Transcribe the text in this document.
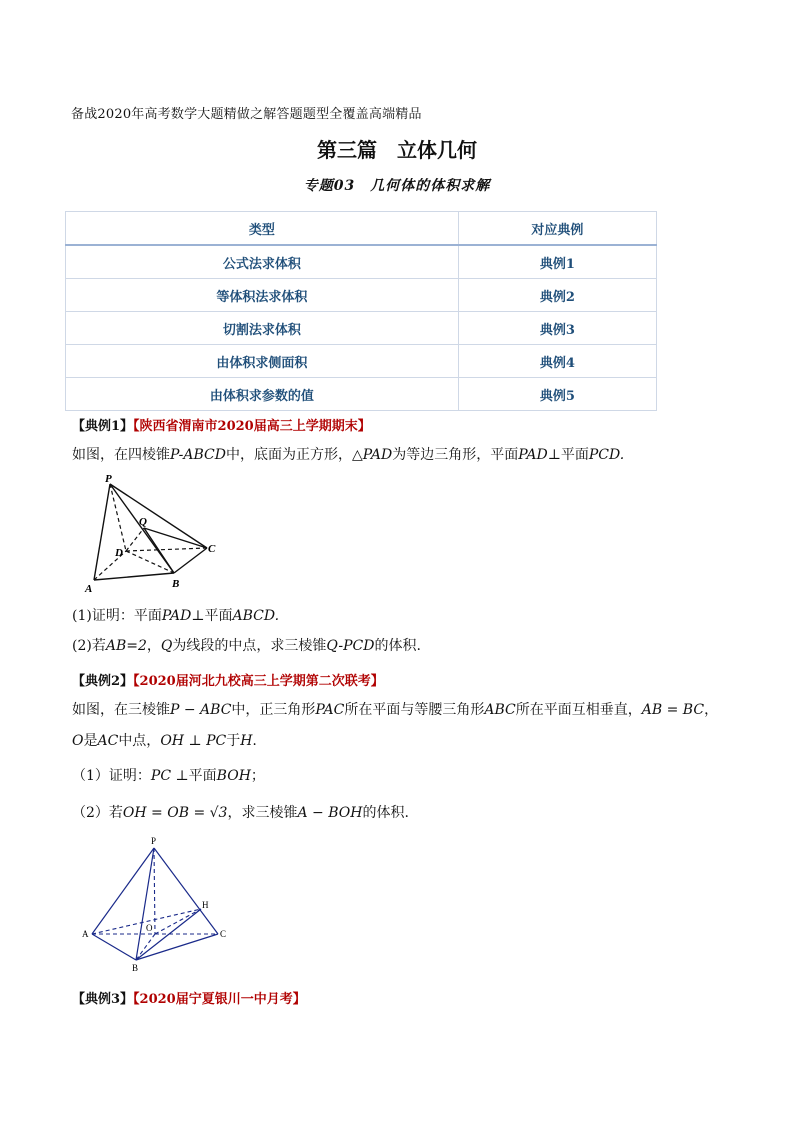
备战2020年高考数学大题精做之解答题题型全覆盖高端精品
第三篇　立体几何
专题03　几何体的体积求解
类型	对应典例
公式法求体积	典例1
等体积法求体积	典例2
切割法求体积	典例3
由体积求侧面积	典例4
由体积求参数的值	典例5
【典例1】【陕西省渭南市2020届高三上学期期末】
如图，在四棱锥P-ABCD中，底面为正方形，△PAD为等边三角形，平面PAD⊥平面PCD.
P
Q
D	C
A	B
(1)证明：平面PAD⊥平面ABCD.
(2)若AB=2，Q为线段的中点，求三棱锥Q-PCD的体积.
【典例2】【2020届河北九校高三上学期第二次联考】
如图，在三棱锥P − ABC中，正三角形PAC所在平面与等腰三角形ABC所在平面互相垂直，AB = BC，
O是AC中点，OH ⊥ PC于H.
（1）证明：PC ⊥平面BOH；
（2）若OH = OB = √3，求三棱锥A − BOH的体积.
P
H
A
O
C
B
【典例3】【2020届宁夏银川一中月考】
